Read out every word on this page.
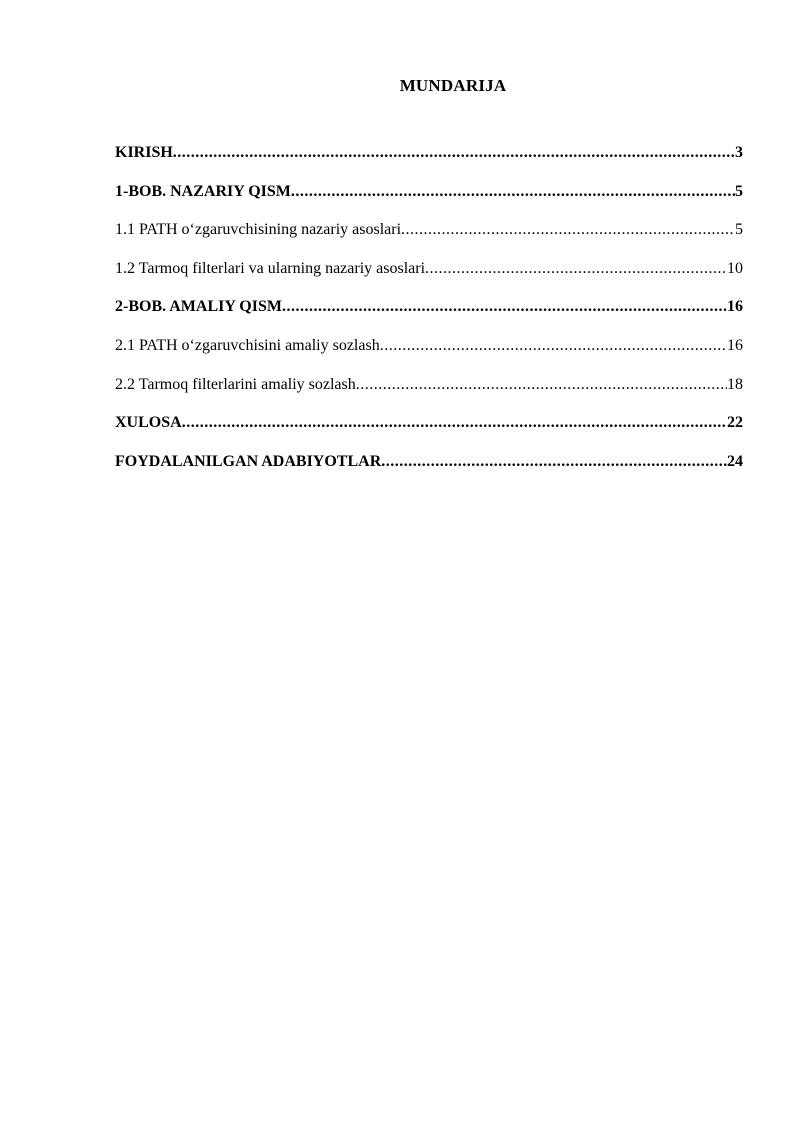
MUNDARIJA
KIRISH .....	3
1-BOB. NAZARIY QISM .....	5
1.1 PATH o‘zgaruvchisining nazariy asoslari .....	5
1.2 Tarmoq filterlari va ularning nazariy asoslari .....	10
2-BOB. AMALIY QISM .....	16
2.1 PATH o‘zgaruvchisini amaliy sozlash .....	16
2.2 Tarmoq filterlarini amaliy sozlash .....	18
XULOSA .....	22
FOYDALANILGAN ADABIYOTLAR .....	24
